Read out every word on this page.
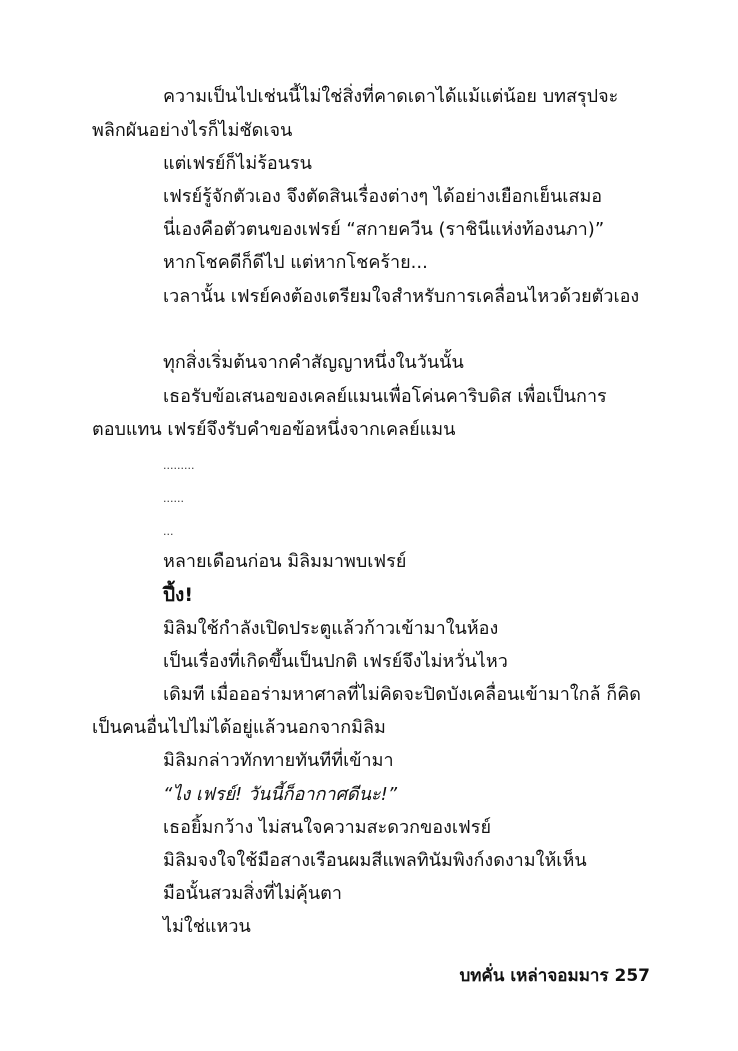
ความเป็นไปเช่นนี้ไม่ใช่สิ่งที่คาดเดาได้แม้แต่น้อย บทสรุปจะ
พลิกผันอย่างไรก็ไม่ชัดเจน
แต่เฟรย์ก็ไม่ร้อนรน
เฟรย์รู้จักตัวเอง จึงตัดสินเรื่องต่างๆ ได้อย่างเยือกเย็นเสมอ
นี่เองคือตัวตนของเฟรย์ “สกายควีน (ราชินีแห่งท้องนภา)”
หากโชคดีก็ดีไป แต่หากโชคร้าย...
เวลานั้น เฟรย์คงต้องเตรียมใจสำหรับการเคลื่อนไหวด้วยตัวเอง
ทุกสิ่งเริ่มต้นจากคำสัญญาหนึ่งในวันนั้น
เธอรับข้อเสนอของเคลย์แมนเพื่อโค่นคาริบดิส เพื่อเป็นการ
ตอบแทน เฟรย์จึงรับคำขอข้อหนึ่งจากเคลย์แมน
.........
......
...
หลายเดือนก่อน มิลิมมาพบเฟรย์
ปึ้ง!
มิลิมใช้กำลังเปิดประตูแล้วก้าวเข้ามาในห้อง
เป็นเรื่องที่เกิดขึ้นเป็นปกติ เฟรย์จึงไม่หวั่นไหว
เดิมที เมื่อออร่ามหาศาลที่ไม่คิดจะปิดบังเคลื่อนเข้ามาใกล้ ก็คิด
เป็นคนอื่นไปไม่ได้อยู่แล้วนอกจากมิลิม
มิลิมกล่าวทักทายทันทีที่เข้ามา
“ไง เฟรย์! วันนี้ก็อากาศดีนะ!”
เธอยิ้มกว้าง ไม่สนใจความสะดวกของเฟรย์
มิลิมจงใจใช้มือสางเรือนผมสีแพลทินัมพิงก์งดงามให้เห็น
มือนั้นสวมสิ่งที่ไม่คุ้นตา
ไม่ใช่แหวน
บทคั่น เหล่าจอมมาร 257
